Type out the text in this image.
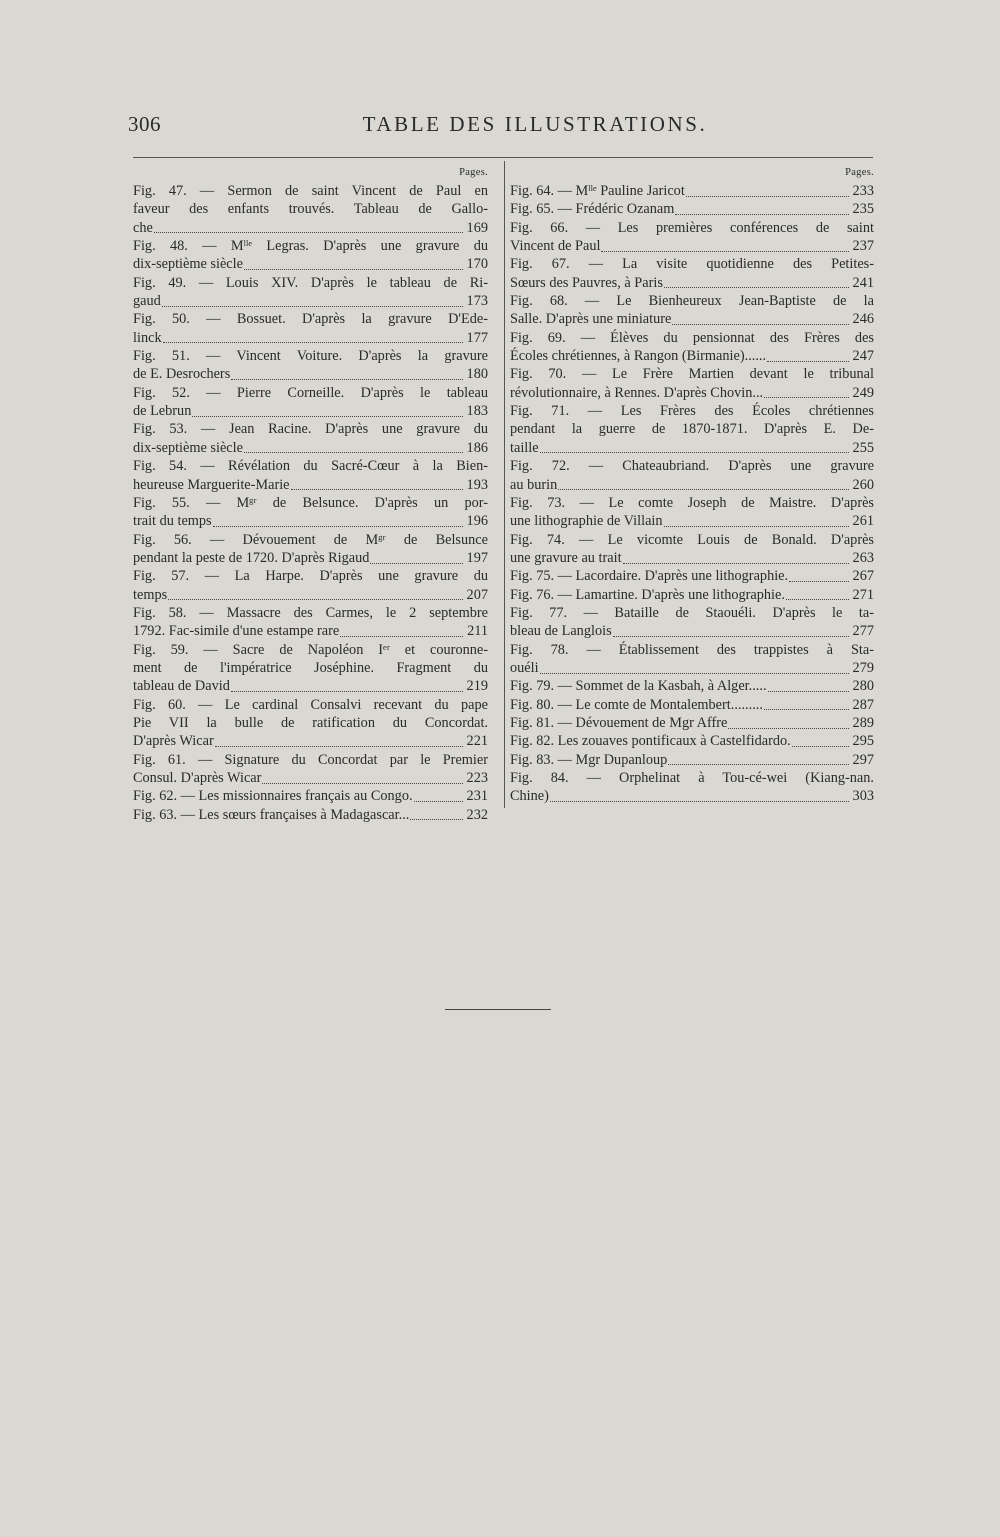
306	TABLE DES ILLUSTRATIONS.
Pages.
Fig. 47. — Sermon de saint Vincent de Paul en
faveur des enfants trouvés. Tableau de Gallo-
che	169
Fig. 48. — Mˡˡᵉ Legras. D'après une gravure du
dix-septième siècle	170
Fig. 49. — Louis XIV. D'après le tableau de Ri-
gaud	173
Fig. 50. — Bossuet. D'après la gravure D'Ede-
linck	177
Fig. 51. — Vincent Voiture. D'après la gravure
de E. Desrochers	180
Fig. 52. — Pierre Corneille. D'après le tableau
de Lebrun	183
Fig. 53. — Jean Racine. D'après une gravure du
dix-septième siècle	186
Fig. 54. — Révélation du Sacré-Cœur à la Bien-
heureuse Marguerite-Marie	193
Fig. 55. — Mᵍʳ de Belsunce. D'après un por-
trait du temps	196
Fig. 56. — Dévouement de Mᵍʳ de Belsunce
pendant la peste de 1720. D'après Rigaud	197
Fig. 57. — La Harpe. D'après une gravure du
temps	207
Fig. 58. — Massacre des Carmes, le 2 septembre
1792. Fac-simile d'une estampe rare	211
Fig. 59. — Sacre de Napoléon Iᵉʳ et couronne-
ment de l'impératrice Joséphine. Fragment du
tableau de David	219
Fig. 60. — Le cardinal Consalvi recevant du pape
Pie VII la bulle de ratification du Concordat.
D'après Wicar	221
Fig. 61. — Signature du Concordat par le Premier
Consul. D'après Wicar	223
Fig. 62. — Les missionnaires français au Congo.	231
Fig. 63. — Les sœurs françaises à Madagascar...	232
Pages.
Fig. 64. — Mˡˡᵉ Pauline Jaricot	233
Fig. 65. — Frédéric Ozanam	235
Fig. 66. — Les premières conférences de saint
Vincent de Paul	237
Fig. 67. — La visite quotidienne des Petites-
Sœurs des Pauvres, à Paris	241
Fig. 68. — Le Bienheureux Jean-Baptiste de la
Salle. D'après une miniature	246
Fig. 69. — Élèves du pensionnat des Frères des
Écoles chrétiennes, à Rangon (Birmanie)......	247
Fig. 70. — Le Frère Martien devant le tribunal
révolutionnaire, à Rennes. D'après Chovin...	249
Fig. 71. — Les Frères des Écoles chrétiennes
pendant la guerre de 1870-1871. D'après E. De-
taille	255
Fig. 72. — Chateaubriand. D'après une gravure
au burin	260
Fig. 73. — Le comte Joseph de Maistre. D'après
une lithographie de Villain	261
Fig. 74. — Le vicomte Louis de Bonald. D'après
une gravure au trait	263
Fig. 75. — Lacordaire. D'après une lithographie.	267
Fig. 76. — Lamartine. D'après une lithographie.	271
Fig. 77. — Bataille de Staouéli. D'après le ta-
bleau de Langlois	277
Fig. 78. — Établissement des trappistes à Sta-
ouéli	279
Fig. 79. — Sommet de la Kasbah, à Alger.....	280
Fig. 80. — Le comte de Montalembert.........	287
Fig. 81. — Dévouement de Mgr Affre	289
Fig. 82. Les zouaves pontificaux à Castelfidardo.	295
Fig. 83. — Mgr Dupanloup	297
Fig. 84. — Orphelinat à Tou-cé-wei (Kiang-nan.
Chine)	303
